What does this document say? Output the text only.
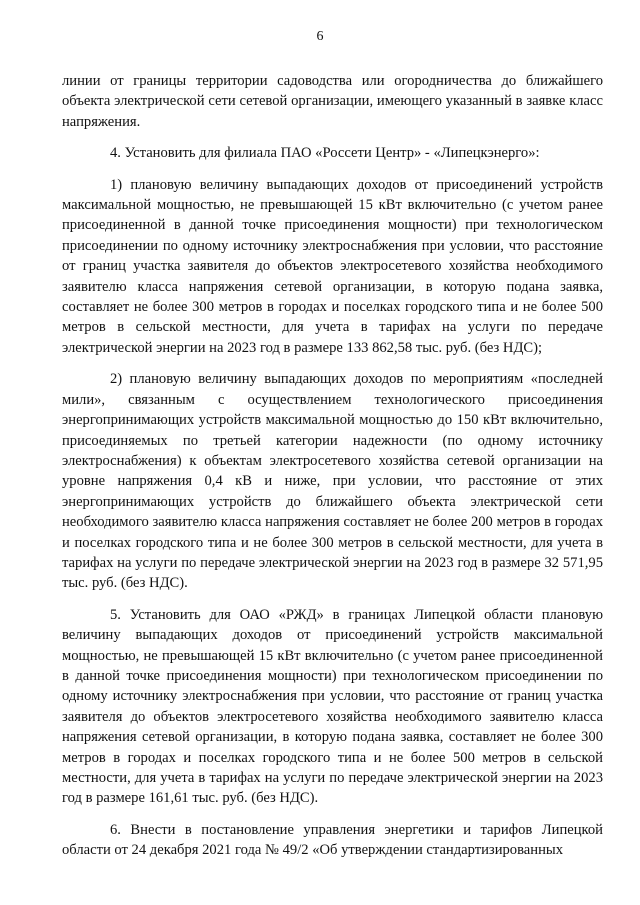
6

линии от границы территории садоводства или огородничества до ближайшего объекта электрической сети сетевой организации, имеющего указанный в заявке класс напряжения.

4. Установить для филиала ПАО «Россети Центр» - «Липецкэнерго»:

1) плановую величину выпадающих доходов от присоединений устройств максимальной мощностью, не превышающей 15 кВт включительно (с учетом ранее присоединенной в данной точке присоединения мощности) при технологическом присоединении по одному источнику электроснабжения при условии, что расстояние от границ участка заявителя до объектов электросетевого хозяйства необходимого заявителю класса напряжения сетевой организации, в которую подана заявка, составляет не более 300 метров в городах и поселках городского типа и не более 500 метров в сельской местности, для учета в тарифах на услуги по передаче электрической энергии на 2023 год в размере 133 862,58 тыс. руб. (без НДС);

2) плановую величину выпадающих доходов по мероприятиям «последней мили», связанным с осуществлением технологического присоединения энергопринимающих устройств максимальной мощностью до 150 кВт включительно, присоединяемых по третьей категории надежности (по одному источнику электроснабжения) к объектам электросетевого хозяйства сетевой организации на уровне напряжения 0,4 кВ и ниже, при условии, что расстояние от этих энергопринимающих устройств до ближайшего объекта электрической сети необходимого заявителю класса напряжения составляет не более 200 метров в городах и поселках городского типа и не более 300 метров в сельской местности, для учета в тарифах на услуги по передаче электрической энергии на 2023 год в размере 32 571,95 тыс. руб. (без НДС).

5. Установить для ОАО «РЖД» в границах Липецкой области плановую величину выпадающих доходов от присоединений устройств максимальной мощностью, не превышающей 15 кВт включительно (с учетом ранее присоединенной в данной точке присоединения мощности) при технологическом присоединении по одному источнику электроснабжения при условии, что расстояние от границ участка заявителя до объектов электросетевого хозяйства необходимого заявителю класса напряжения сетевой организации, в которую подана заявка, составляет не более 300 метров в городах и поселках городского типа и не более 500 метров в сельской местности, для учета в тарифах на услуги по передаче электрической энергии на 2023 год в размере 161,61 тыс. руб. (без НДС).

6. Внести в постановление управления энергетики и тарифов Липецкой области от 24 декабря 2021 года № 49/2 «Об утверждении стандартизированных
